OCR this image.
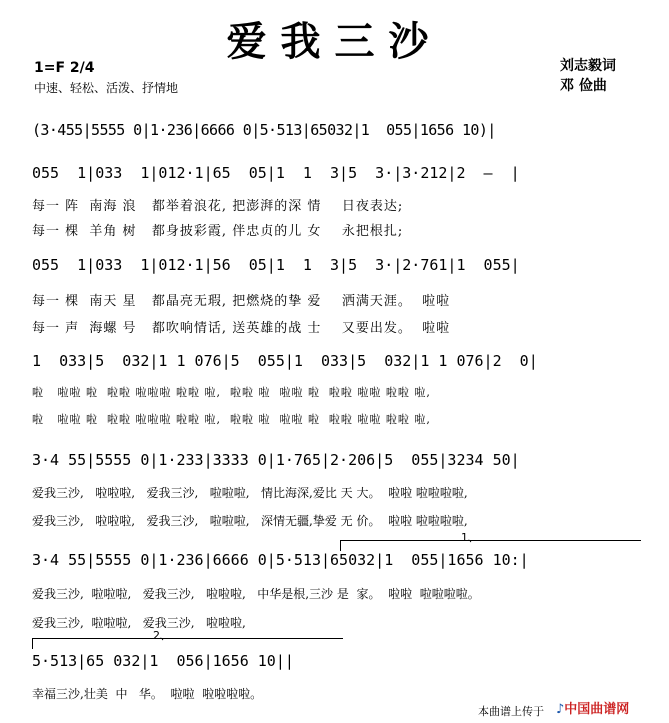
爱我三沙
1=F 2/4
中速、轻松、活泼、抒情地
刘志毅词
邓 俭曲
(3·455|5555 0|1·236|6666 0|5·513|65032|1  055|1656 10)|
055  1|033  1|012·1|65  05|1  1  3|5  3·|3·212|2  —  |
每一 阵  南海 浪   都举着浪花, 把澎湃的深 情    日夜表达;
每一 棵  羊角 树   都身披彩霞, 伴忠贞的儿 女    永把根扎;
055  1|033  1|012·1|56  05|1  1  3|5  3·|2·761|1  055|
每一 棵  南天 星   都晶亮无瑕, 把燃烧的挚 爱    洒满天涯。  啦啦
每一 声  海螺 号   都吹响情话, 送英雄的战 士    又要出发。  啦啦
1  033|5  032|1 1 076|5  055|1  033|5  032|1 1 076|2  0|
啦   啦啦 啦  啦啦 啦啦啦 啦啦 啦,  啦啦 啦  啦啦 啦  啦啦 啦啦 啦啦 啦,
啦   啦啦 啦  啦啦 啦啦啦 啦啦 啦,  啦啦 啦  啦啦 啦  啦啦 啦啦 啦啦 啦,
3·4 55|5555 0|1·233|3333 0|1·765|2·206|5  055|3234 50|
爱我三沙,   啦啦啦,   爱我三沙,   啦啦啦,   情比海深,爱比 天 大。  啦啦 啦啦啦啦,
爱我三沙,   啦啦啦,   爱我三沙,   啦啦啦,   深情无疆,挚爱 无 价。  啦啦 啦啦啦啦,
1、
3·4 55|5555 0|1·236|6666 0|5·513|65032|1  055|1656 10:|
爱我三沙,  啦啦啦,   爱我三沙,   啦啦啦,   中华是根,三沙 是  家。  啦啦  啦啦啦啦。
爱我三沙,  啦啦啦,   爱我三沙,   啦啦啦,
2、
5·513|65 032|1  056|1656 10||
幸福三沙,壮美  中   华。  啦啦  啦啦啦啦。
本曲谱上传于 ♪中国曲谱网
